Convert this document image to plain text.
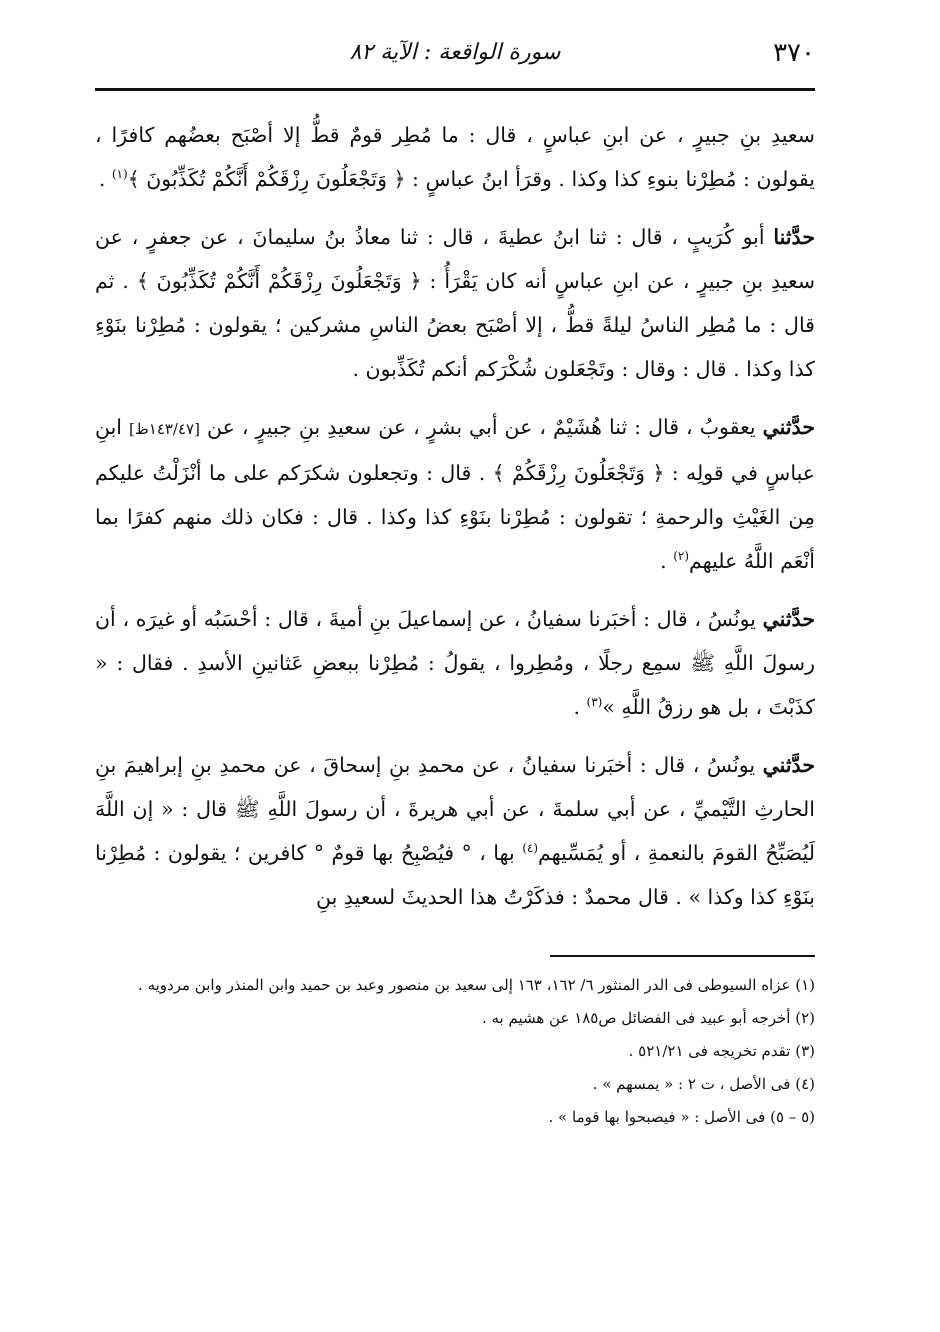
٣٧٠
سورة الواقعة : الآية ٨٢

سعيدِ بنِ جبيرٍ ، عن ابنِ عباسٍ ، قال : ما مُطِر قومٌ قطُّ إلا أصْبَح بعضُهم كافرًا ، يقولون : مُطِرْنا بنوءِ كذا وكذا . وقرَأ ابنُ عباسٍ : ﴿ وَتَجْعَلُونَ رِزْقَكُمْ أَنَّكُمْ تُكَذِّبُونَ ﴾$^{(١)}$ .

حدَّثنا أبو كُرَيبٍ ، قال : ثنا ابنُ عطيةَ ، قال : ثنا معاذُ بنُ سليمانَ ، عن جعفرٍ ، عن سعيدِ بنِ جبيرٍ ، عن ابنِ عباسٍ أنه كان يَقْرَأُ : ﴿ وَتَجْعَلُونَ رِزْقَكُمْ أَنَّكُمْ تُكَذِّبُونَ ﴾ . ثم قال : ما مُطِر الناسُ ليلةً قطُّ ، إلا أصْبَح بعضُ الناسِ مشركين ؛ يقولون : مُطِرْنا بنَوْءِ كذا وكذا . قال : وقال : وتَجْعَلون شُكْرَكم أنكم تُكَذِّبون .

حدَّثني يعقوبُ ، قال : ثنا هُشَيْمٌ ، عن أبي بشرٍ ، عن سعيدِ بنِ جبيرٍ ، عن [١٤٣/٤٧ظ] ابنِ عباسٍ في قولِه : ﴿ وَتَجْعَلُونَ رِزْقَكُمْ ﴾ . قال : وتجعلون شكرَكم على ما أنْزَلْتُ عليكم مِن الغَيْثِ والرحمةِ ؛ تقولون : مُطِرْنا بنَوْءِ كذا وكذا . قال : فكان ذلك منهم كفرًا بما أنْعَم اللَّهُ عليهم$^{(٢)}$ .

حدَّثني يونُسُ ، قال : أخبَرنا سفيانُ ، عن إسماعيلَ بنِ أميةَ ، قال : أحْسَبُه أو غيرَه ، أن رسولَ اللَّهِ ﷺ سمِع رجلًا ، ومُطِروا ، يقولُ : مُطِرْنا ببعضِ عَثانينِ الأسدِ . فقال : « كذَبْتَ ، بل هو رزقُ اللَّهِ »$^{(٣)}$ .

حدَّثني يونُسُ ، قال : أخبَرنا سفيانُ ، عن محمدِ بنِ إسحاقَ ، عن محمدِ بنِ إبراهيمَ بنِ الحارثِ التَّيْميِّ ، عن أبي سلمةَ ، عن أبي هريرةَ ، أن رسولَ اللَّهِ ﷺ قال : « إن اللَّهَ لَيُصَبِّحُ القومَ بالنعمةِ ، أو يُمَسِّيهم$^{(٤)}$ بها ، ° فيُصْبِحُ بها قومٌ ° كافرين ؛ يقولون : مُطِرْنا بنَوْءِ كذا وكذا » . قال محمدٌ : فذكَرْتُ هذا الحديثَ لسعيدِ بنِ

(١) عزاه السيوطى فى الدر المنثور ٦/ ١٦٢، ١٦٣ إلى سعيد بن منصور وعبد بن حميد وابن المنذر وابن مردويه .
(٢) أخرجه أبو عبيد فى الفضائل ص١٨٥ عن هشيم به .
(٣) تقدم تخريجه فى ٥٢١/٢١ .
(٤) فى الأصل ، ت ٢ : « يمسهم » .
(٥ – ٥) فى الأصل : « فيصبحوا بها قوما » .
